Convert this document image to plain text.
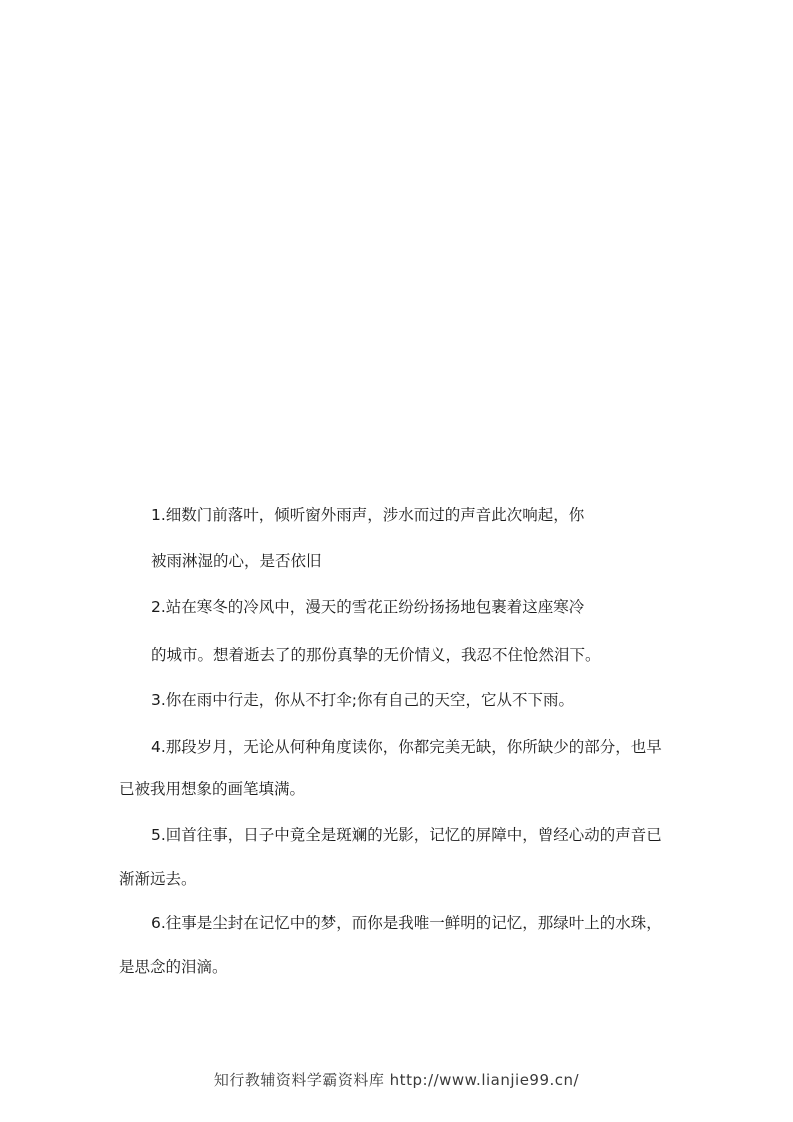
1.细数门前落叶，倾听窗外雨声，涉水而过的声音此次响起，你

被雨淋湿的心，是否依旧

2.站在寒冬的冷风中，漫天的雪花正纷纷扬扬地包裹着这座寒冷

的城市。想着逝去了的那份真挚的无价情义，我忍不住怆然泪下。

3.你在雨中行走，你从不打伞;你有自己的天空，它从不下雨。

4.那段岁月，无论从何种角度读你，你都完美无缺，你所缺少的部分，也早

已被我用想象的画笔填满。

5.回首往事，日子中竟全是斑斓的光影，记忆的屏障中，曾经心动的声音已

渐渐远去。

6.往事是尘封在记忆中的梦，而你是我唯一鲜明的记忆，那绿叶上的水珠，

是思念的泪滴。

知行教辅资料学霸资料库 http://www.lianjie99.cn/
